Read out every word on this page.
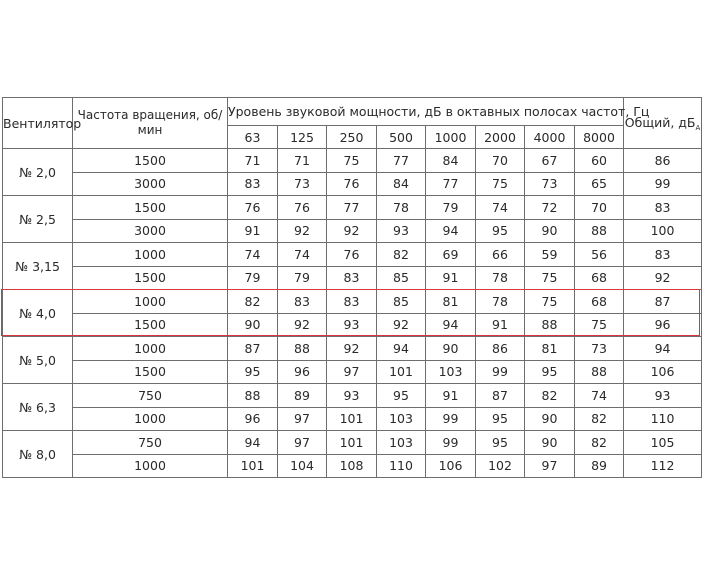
Вентилятор	Частота вращения, об/мин	Уровень звуковой мощности, дБ в октавных полосах частот, Гц								Общий, $дБ_A$
		63	125	250	500	1000	2000	4000	8000	
№ 2,0	1500	71	71	75	77	84	70	67	60	86
	3000	83	73	76	84	77	75	73	65	99
№ 2,5	1500	76	76	77	78	79	74	72	70	83
	3000	91	92	92	93	94	95	90	88	100
№ 3,15	1000	74	74	76	82	69	66	59	56	83
	1500	79	79	83	85	91	78	75	68	92
№ 4,0	1000	82	83	83	85	81	78	75	68	87
	1500	90	92	93	92	94	91	88	75	96
№ 5,0	1000	87	88	92	94	90	86	81	73	94
	1500	95	96	97	101	103	99	95	88	106
№ 6,3	750	88	89	93	95	91	87	82	74	93
	1000	96	97	101	103	99	95	90	82	110
№ 8,0	750	94	97	101	103	99	95	90	82	105
	1000	101	104	108	110	106	102	97	89	112
